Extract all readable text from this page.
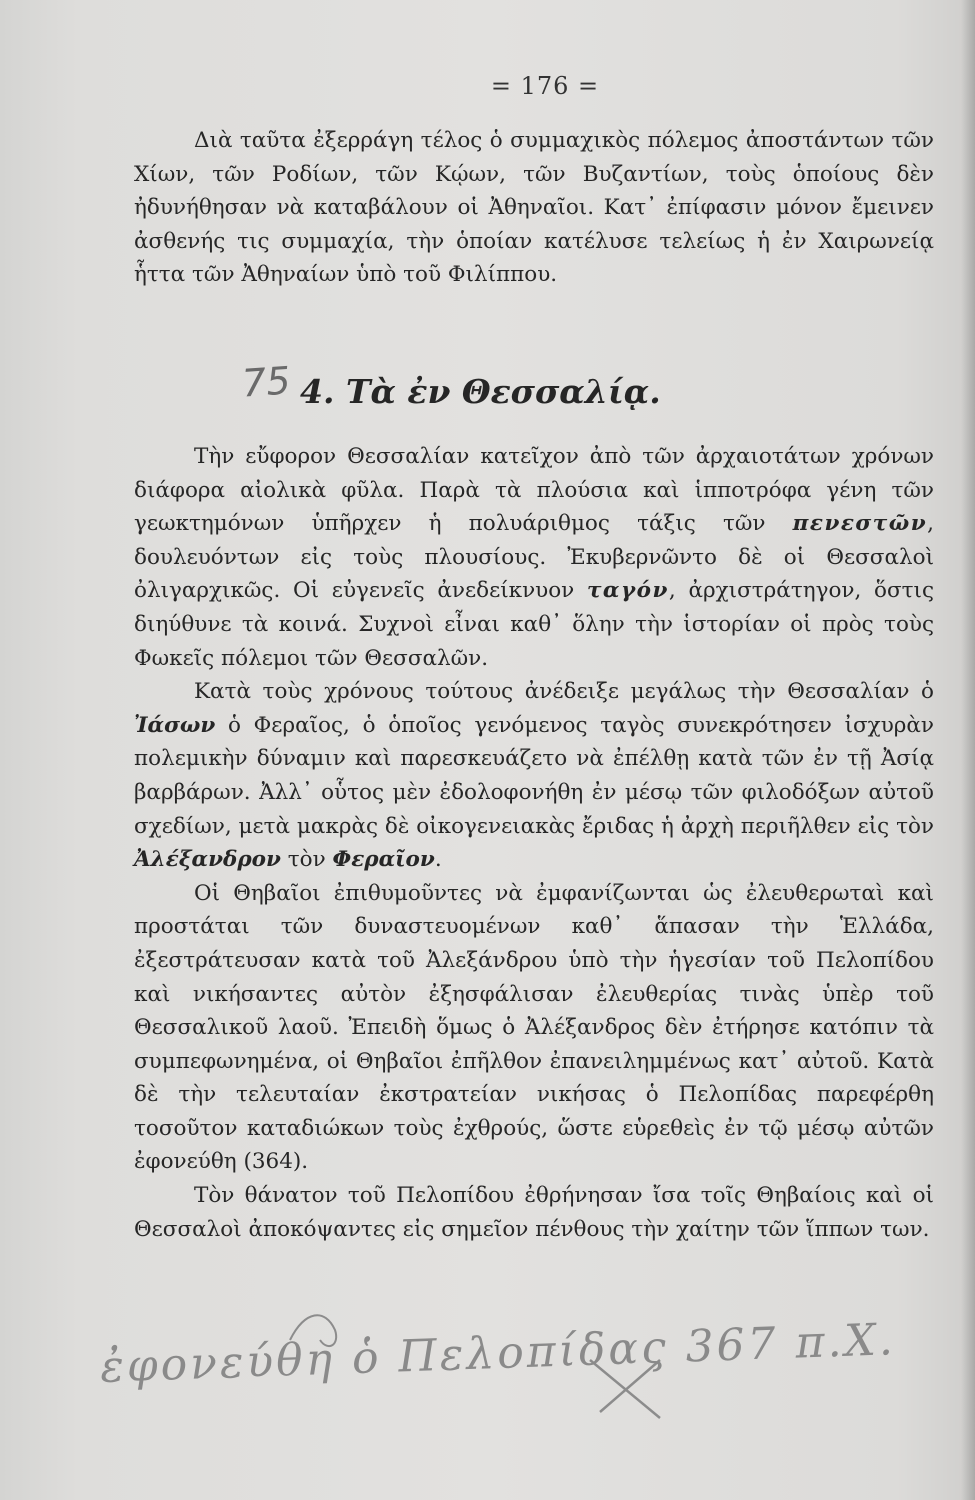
= 176 =

Διὰ ταῦτα ἐξερράγη τέλος ὁ συμμαχικὸς πόλεμος ἀποστάντων τῶν Χίων, τῶν Ροδίων, τῶν Κῴων, τῶν Βυζαντίων, τοὺς ὁποίους δὲν ἠδυνήθησαν νὰ καταβάλουν οἱ Ἀθηναῖοι. Κατ᾽ ἐπίφασιν μόνον ἔμεινεν ἀσθενής τις συμμαχία, τὴν ὁποίαν κατέλυσε τελείως ἡ ἐν Χαιρωνείᾳ ἧττα τῶν Ἀθηναίων ὑπὸ τοῦ Φιλίππου.

75 4. Τὰ ἐν Θεσσαλίᾳ.

Τὴν εὔφορον Θεσσαλίαν κατεῖχον ἀπὸ τῶν ἀρχαιοτάτων χρόνων διάφορα αἰολικὰ φῦλα. Παρὰ τὰ πλούσια καὶ ἱπποτρόφα γένη τῶν γεωκτημόνων ὑπῆρχεν ἡ πολυάριθμος τάξις τῶν πενεστῶν, δουλευόντων εἰς τοὺς πλουσίους. Ἐκυβερνῶντο δὲ οἱ Θεσσαλοὶ ὀλιγαρχικῶς. Οἱ εὐγενεῖς ἀνεδείκνυον ταγόν, ἀρχιστράτηγον, ὅστις διηύθυνε τὰ κοινά. Συχνοὶ εἶναι καθ᾽ ὅλην τὴν ἱστορίαν οἱ πρὸς τοὺς Φωκεῖς πόλεμοι τῶν Θεσσαλῶν.

Κατὰ τοὺς χρόνους τούτους ἀνέδειξε μεγάλως τὴν Θεσσαλίαν ὁ Ἰάσων ὁ Φεραῖος, ὁ ὁποῖος γενόμενος ταγὸς συνεκρότησεν ἰσχυρὰν πολεμικὴν δύναμιν καὶ παρεσκευάζετο νὰ ἐπέλθῃ κατὰ τῶν ἐν τῇ Ἀσίᾳ βαρβάρων. Ἀλλ᾽ οὗτος μὲν ἐδολοφονήθη ἐν μέσῳ τῶν φιλοδόξων αὐτοῦ σχεδίων, μετὰ μακρὰς δὲ οἰκογενειακὰς ἔριδας ἡ ἀρχὴ περιῆλθεν εἰς τὸν Ἀλέξανδρον τὸν Φεραῖον.

Οἱ Θηβαῖοι ἐπιθυμοῦντες νὰ ἐμφανίζωνται ὡς ἐλευθερωταὶ καὶ προστάται τῶν δυναστευομένων καθ᾽ ἅπασαν τὴν Ἑλλάδα, ἐξεστράτευσαν κατὰ τοῦ Ἀλεξάνδρου ὑπὸ τὴν ἡγεσίαν τοῦ Πελοπίδου καὶ νικήσαντες αὐτὸν ἐξησφάλισαν ἐλευθερίας τινὰς ὑπὲρ τοῦ Θεσσαλικοῦ λαοῦ. Ἐπειδὴ ὅμως ὁ Ἀλέξανδρος δὲν ἐτήρησε κατόπιν τὰ συμπεφωνημένα, οἱ Θηβαῖοι ἐπῆλθον ἐπανειλημμένως κατ᾽ αὐτοῦ. Κατὰ δὲ τὴν τελευταίαν ἐκστρατείαν νικήσας ὁ Πελοπίδας παρεφέρθη τοσοῦτον καταδιώκων τοὺς ἐχθρούς, ὥστε εὑρεθεὶς ἐν τῷ μέσῳ αὐτῶν ἐφονεύθη (364).

Τὸν θάνατον τοῦ Πελοπίδου ἐθρήνησαν ἴσα τοῖς Θηβαίοις καὶ οἱ Θεσσαλοὶ ἀποκόψαντες εἰς σημεῖον πένθους τὴν χαίτην τῶν ἵππων των.

ἐφονεύθη ὁ Πελοπίδας 367 π.Χ.
